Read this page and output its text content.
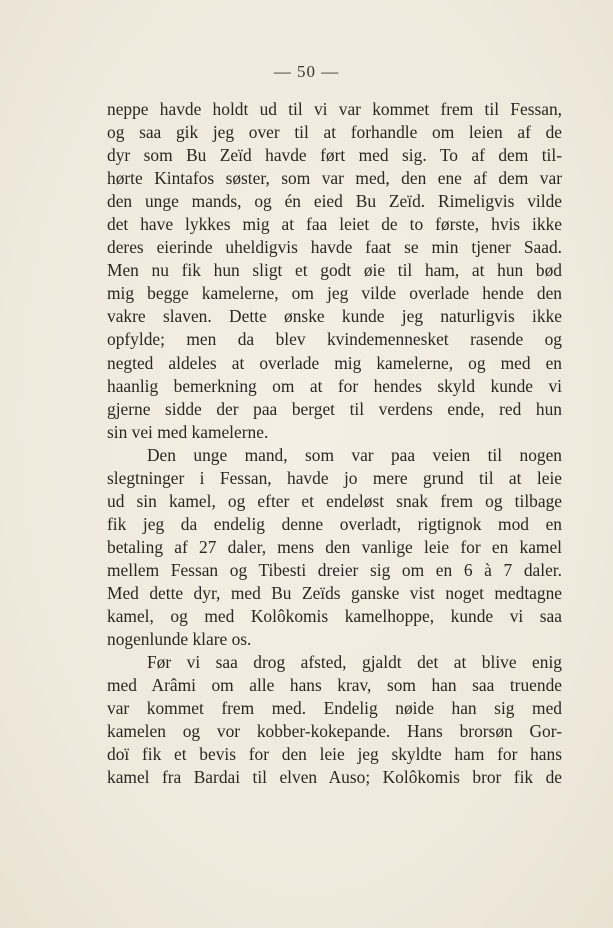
— 50 —
neppe havde holdt ud til vi var kommet frem til Fessan,
og saa gik jeg over til at forhandle om leien af de
dyr som Bu Zeïd havde ført med sig. To af dem til-
hørte Kintafos søster, som var med, den ene af dem var
den unge mands, og én eied Bu Zeïd. Rimeligvis vilde
det have lykkes mig at faa leiet de to første, hvis ikke
deres eierinde uheldigvis havde faat se min tjener Saad.
Men nu fik hun sligt et godt øie til ham, at hun bød
mig begge kamelerne, om jeg vilde overlade hende den
vakre slaven. Dette ønske kunde jeg naturligvis ikke
opfylde; men da blev kvindemennesket rasende og
negted aldeles at overlade mig kamelerne, og med en
haanlig bemerkning om at for hendes skyld kunde vi
gjerne sidde der paa berget til verdens ende, red hun
sin vei med kamelerne.
Den unge mand, som var paa veien til nogen
slegtninger i Fessan, havde jo mere grund til at leie
ud sin kamel, og efter et endeløst snak frem og tilbage
fik jeg da endelig denne overladt, rigtignok mod en
betaling af 27 daler, mens den vanlige leie for en kamel
mellem Fessan og Tibesti dreier sig om en 6 à 7 daler.
Med dette dyr, med Bu Zeïds ganske vist noget medtagne
kamel, og med Kolôkomis kamelhoppe, kunde vi saa
nogenlunde klare os.
Før vi saa drog afsted, gjaldt det at blive enig
med Arâmi om alle hans krav, som han saa truende
var kommet frem med. Endelig nøide han sig med
kamelen og vor kobber-kokepande. Hans brorsøn Gor-
doï fik et bevis for den leie jeg skyldte ham for hans
kamel fra Bardai til elven Auso; Kolôkomis bror fik de
